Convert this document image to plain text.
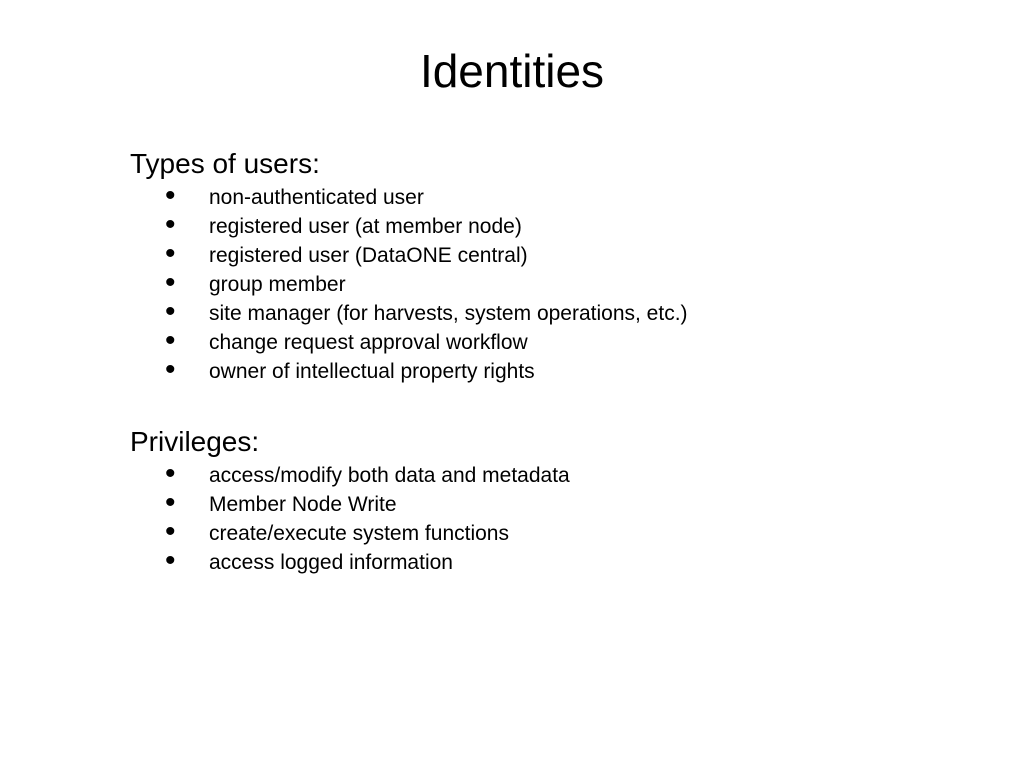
Identities
Types of users:
• non-authenticated user
• registered user (at member node)
• registered user (DataONE central)
• group member
• site manager (for harvests, system operations, etc.)
• change request approval workflow
• owner of intellectual property rights
Privileges:
• access/modify both data and metadata
• Member Node Write
• create/execute system functions
• access logged information
